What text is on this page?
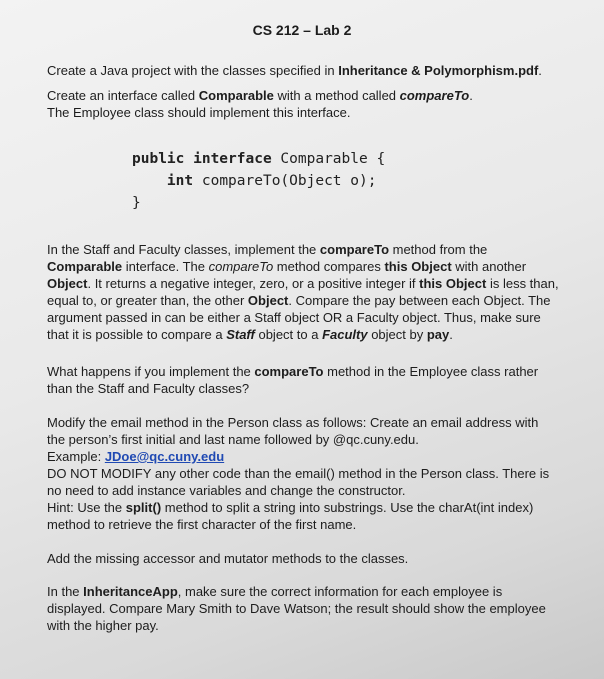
CS 212 – Lab 2

Create a Java project with the classes specified in Inheritance & Polymorphism.pdf.

Create an interface called Comparable with a method called compareTo.
The Employee class should implement this interface.

public interface Comparable {
int compareTo(Object o);
}

In the Staff and Faculty classes, implement the compareTo method from the
Comparable interface. The compareTo method compares this Object with another
Object. It returns a negative integer, zero, or a positive integer if this Object is less than,
equal to, or greater than, the other Object. Compare the pay between each Object. The
argument passed in can be either a Staff object OR a Faculty object. Thus, make sure
that it is possible to compare a Staff object to a Faculty object by pay.

What happens if you implement the compareTo method in the Employee class rather
than the Staff and Faculty classes?

Modify the email method in the Person class as follows: Create an email address with
the person’s first initial and last name followed by @qc.cuny.edu.
Example: JDoe@qc.cuny.edu
DO NOT MODIFY any other code than the email() method in the Person class. There is
no need to add instance variables and change the constructor.
Hint: Use the split() method to split a string into substrings. Use the charAt(int index)
method to retrieve the first character of the first name.

Add the missing accessor and mutator methods to the classes.

In the InheritanceApp, make sure the correct information for each employee is
displayed. Compare Mary Smith to Dave Watson; the result should show the employee
with the higher pay.
